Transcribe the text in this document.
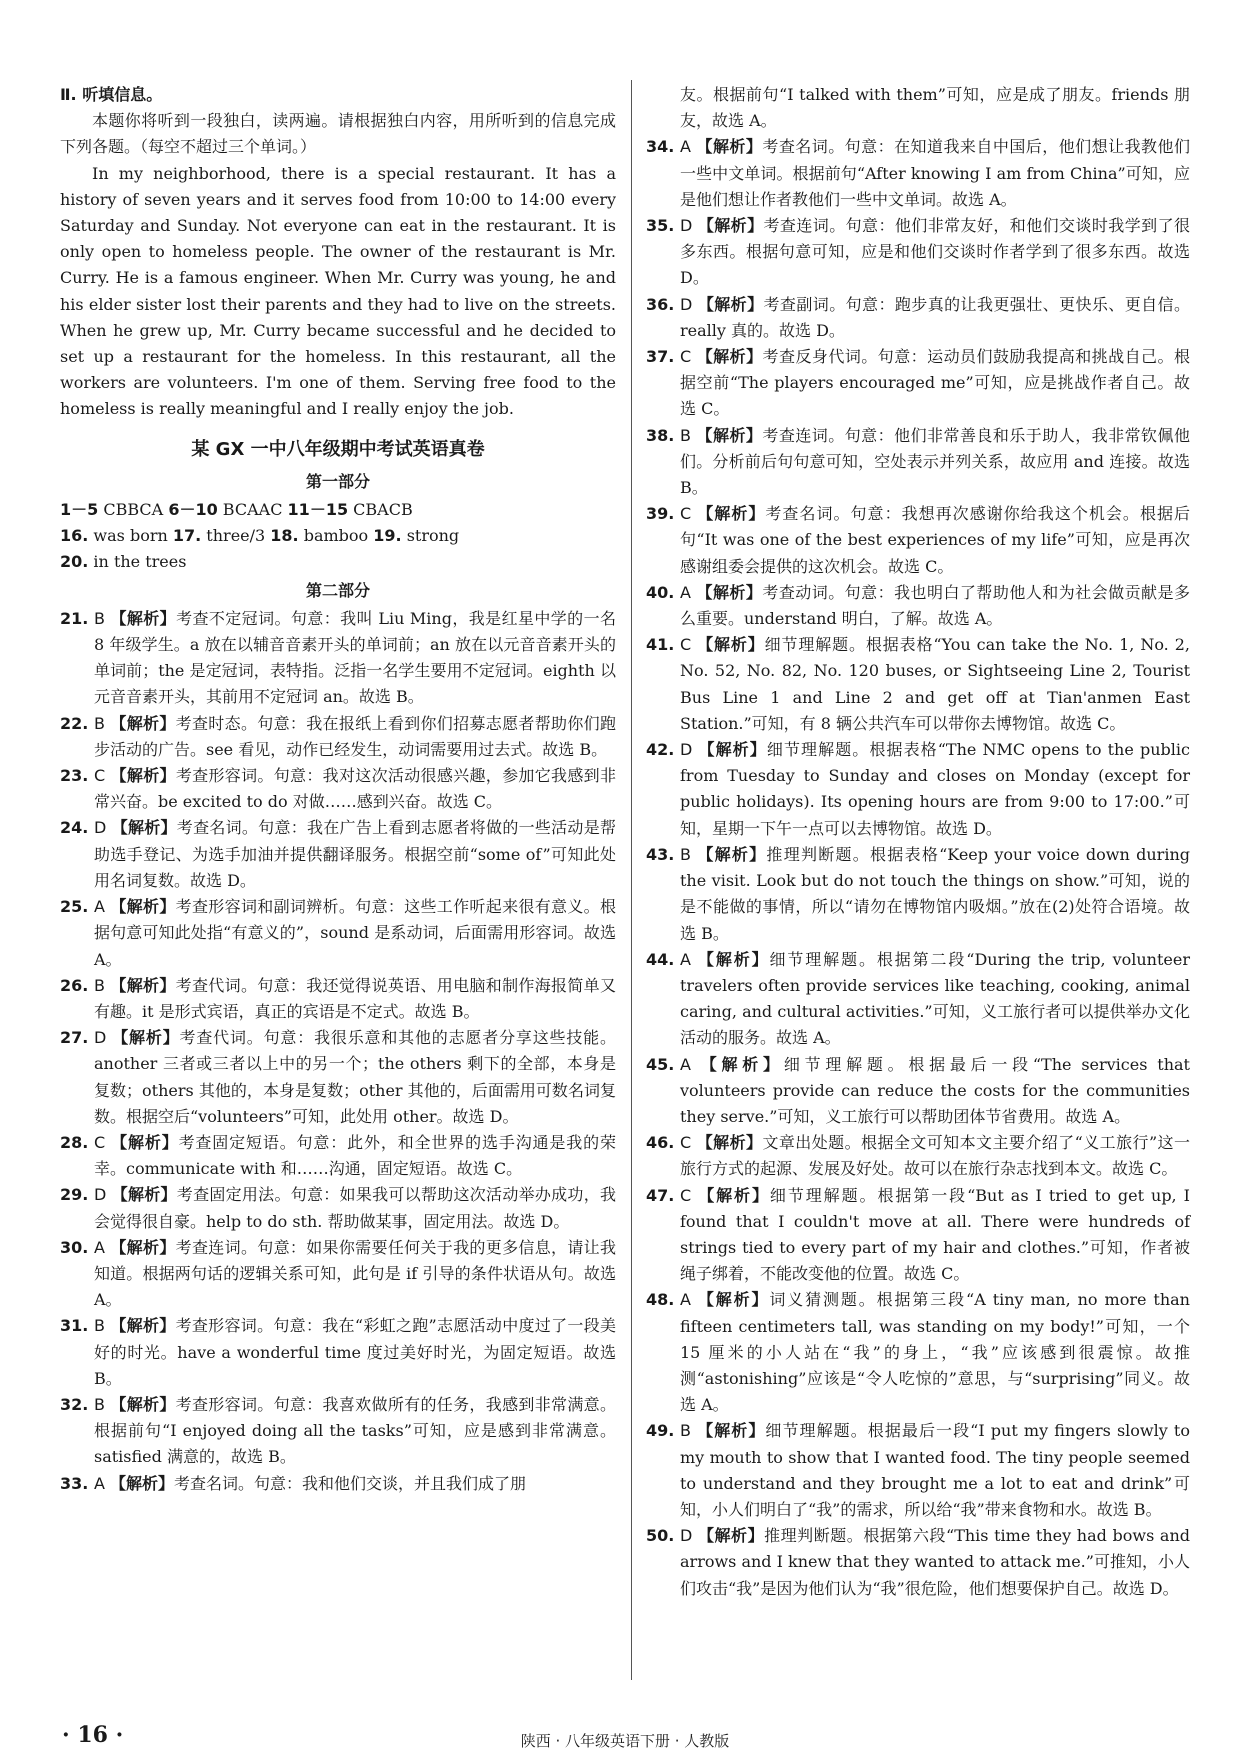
Ⅱ. 听填信息。

本题你将听到一段独白，读两遍。请根据独白内容，用所听到的信息完成下列各题。（每空不超过三个单词。）

In my neighborhood, there is a special restaurant. It has a history of seven years and it serves food from 10:00 to 14:00 every Saturday and Sunday. Not everyone can eat in the restaurant. It is only open to homeless people. The owner of the restaurant is Mr. Curry. He is a famous engineer. When Mr. Curry was young, he and his elder sister lost their parents and they had to live on the streets. When he grew up, Mr. Curry became successful and he decided to set up a restaurant for the homeless. In this restaurant, all the workers are volunteers. I'm one of them. Serving free food to the homeless is really meaningful and I really enjoy the job.

某 GX 一中八年级期中考试英语真卷
第一部分

1－5 CBBCA 6－10 BCAAC 11－15 CBACB

16. was born 17. three/3 18. bamboo 19. strong

20. in the trees

第二部分

21. B 【解析】考查不定冠词。句意：我叫 Liu Ming，我是红星中学的一名 8 年级学生。a 放在以辅音音素开头的单词前；an 放在以元音音素开头的单词前；the 是定冠词，表特指。泛指一名学生要用不定冠词。eighth 以元音音素开头，其前用不定冠词 an。故选 B。

22. B 【解析】考查时态。句意：我在报纸上看到你们招募志愿者帮助你们跑步活动的广告。see 看见，动作已经发生，动词需要用过去式。故选 B。

23. C 【解析】考查形容词。句意：我对这次活动很感兴趣，参加它我感到非常兴奋。be excited to do 对做……感到兴奋。故选 C。

24. D 【解析】考查名词。句意：我在广告上看到志愿者将做的一些活动是帮助选手登记、为选手加油并提供翻译服务。根据空前“some of”可知此处用名词复数。故选 D。

25. A 【解析】考查形容词和副词辨析。句意：这些工作听起来很有意义。根据句意可知此处指“有意义的”，sound 是系动词，后面需用形容词。故选 A。

26. B 【解析】考查代词。句意：我还觉得说英语、用电脑和制作海报简单又有趣。it 是形式宾语，真正的宾语是不定式。故选 B。

27. D 【解析】考查代词。句意：我很乐意和其他的志愿者分享这些技能。another 三者或三者以上中的另一个；the others 剩下的全部，本身是复数；others 其他的，本身是复数；other 其他的，后面需用可数名词复数。根据空后“volunteers”可知，此处用 other。故选 D。

28. C 【解析】考查固定短语。句意：此外，和全世界的选手沟通是我的荣幸。communicate with 和……沟通，固定短语。故选 C。

29. D 【解析】考查固定用法。句意：如果我可以帮助这次活动举办成功，我会觉得很自豪。help to do sth. 帮助做某事，固定用法。故选 D。

30. A 【解析】考查连词。句意：如果你需要任何关于我的更多信息，请让我知道。根据两句话的逻辑关系可知，此句是 if 引导的条件状语从句。故选 A。

31. B 【解析】考查形容词。句意：我在“彩虹之跑”志愿活动中度过了一段美好的时光。have a wonderful time 度过美好时光，为固定短语。故选 B。

32. B 【解析】考查形容词。句意：我喜欢做所有的任务，我感到非常满意。根据前句“I enjoyed doing all the tasks”可知，应是感到非常满意。satisfied 满意的，故选 B。

33. A 【解析】考查名词。句意：我和他们交谈，并且我们成了朋

友。根据前句“I talked with them”可知，应是成了朋友。friends 朋友，故选 A。

34. A 【解析】考查名词。句意：在知道我来自中国后，他们想让我教他们一些中文单词。根据前句“After knowing I am from China”可知，应是他们想让作者教他们一些中文单词。故选 A。

35. D 【解析】考查连词。句意：他们非常友好，和他们交谈时我学到了很多东西。根据句意可知，应是和他们交谈时作者学到了很多东西。故选 D。

36. D 【解析】考查副词。句意：跑步真的让我更强壮、更快乐、更自信。really 真的。故选 D。

37. C 【解析】考查反身代词。句意：运动员们鼓励我提高和挑战自己。根据空前“The players encouraged me”可知，应是挑战作者自己。故选 C。

38. B 【解析】考查连词。句意：他们非常善良和乐于助人，我非常钦佩他们。分析前后句句意可知，空处表示并列关系，故应用 and 连接。故选 B。

39. C 【解析】考查名词。句意：我想再次感谢你给我这个机会。根据后句“It was one of the best experiences of my life”可知，应是再次感谢组委会提供的这次机会。故选 C。

40. A 【解析】考查动词。句意：我也明白了帮助他人和为社会做贡献是多么重要。understand 明白，了解。故选 A。

41. C 【解析】细节理解题。根据表格“You can take the No. 1, No. 2, No. 52, No. 82, No. 120 buses, or Sightseeing Line 2, Tourist Bus Line 1 and Line 2 and get off at Tian'anmen East Station.”可知，有 8 辆公共汽车可以带你去博物馆。故选 C。

42. D 【解析】细节理解题。根据表格“The NMC opens to the public from Tuesday to Sunday and closes on Monday (except for public holidays). Its opening hours are from 9:00 to 17:00.”可知，星期一下午一点可以去博物馆。故选 D。

43. B 【解析】推理判断题。根据表格“Keep your voice down during the visit. Look but do not touch the things on show.”可知，说的是不能做的事情，所以“请勿在博物馆内吸烟。”放在(2)处符合语境。故选 B。

44. A 【解析】细节理解题。根据第二段“During the trip, volunteer travelers often provide services like teaching, cooking, animal caring, and cultural activities.”可知，义工旅行者可以提供举办文化活动的服务。故选 A。

45. A 【解析】细节理解题。根据最后一段“The services that volunteers provide can reduce the costs for the communities they serve.”可知，义工旅行可以帮助团体节省费用。故选 A。

46. C 【解析】文章出处题。根据全文可知本文主要介绍了“义工旅行”这一旅行方式的起源、发展及好处。故可以在旅行杂志找到本文。故选 C。

47. C 【解析】细节理解题。根据第一段“But as I tried to get up, I found that I couldn't move at all. There were hundreds of strings tied to every part of my hair and clothes.”可知，作者被绳子绑着，不能改变他的位置。故选 C。

48. A 【解析】词义猜测题。根据第三段“A tiny man, no more than fifteen centimeters tall, was standing on my body!”可知，一个 15 厘米的小人站在“我”的身上，“我”应该感到很震惊。故推测“astonishing”应该是“令人吃惊的”意思，与“surprising”同义。故选 A。

49. B 【解析】细节理解题。根据最后一段“I put my fingers slowly to my mouth to show that I wanted food. The tiny people seemed to understand and they brought me a lot to eat and drink”可知，小人们明白了“我”的需求，所以给“我”带来食物和水。故选 B。

50. D 【解析】推理判断题。根据第六段“This time they had bows and arrows and I knew that they wanted to attack me.”可推知，小人们攻击“我”是因为他们认为“我”很危险，他们想要保护自己。故选 D。

· 16 ·	陕西 · 八年级英语下册 · 人教版
